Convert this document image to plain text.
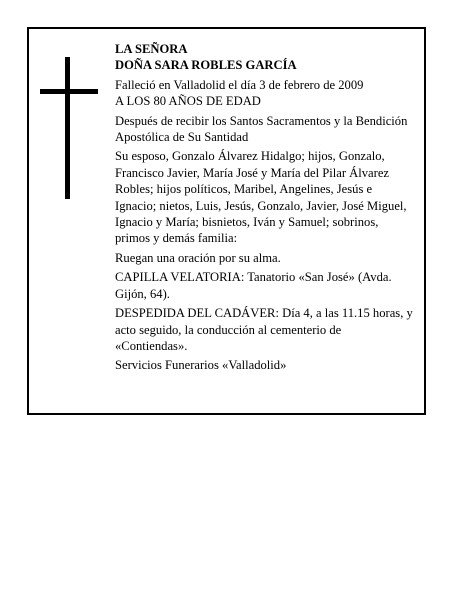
LA SEÑORA

DOÑA SARA ROBLES GARCÍA

Falleció en Valladolid el día 3 de febrero de 2009

A LOS 80 AÑOS DE EDAD

Después de recibir los Santos Sacramentos y la Bendición Apostólica de Su Santidad

Su esposo, Gonzalo Álvarez Hidalgo; hijos, Gonzalo, Francisco Javier, María José y María del Pilar Álvarez Robles; hijos políticos, Maribel, Angelines, Jesús e Ignacio; nietos, Luis, Jesús, Gonzalo, Javier, José Miguel, Ignacio y María; bisnietos, Iván y Samuel; sobrinos, primos y demás familia:

Ruegan una oración por su alma.

CAPILLA VELATORIA: Tanatorio «San José» (Avda. Gijón, 64).

DESPEDIDA DEL CADÁVER: Día 4, a las 11.15 horas, y acto seguido, la conducción al cementerio de «Contiendas».

Servicios Funerarios «Valladolid»
